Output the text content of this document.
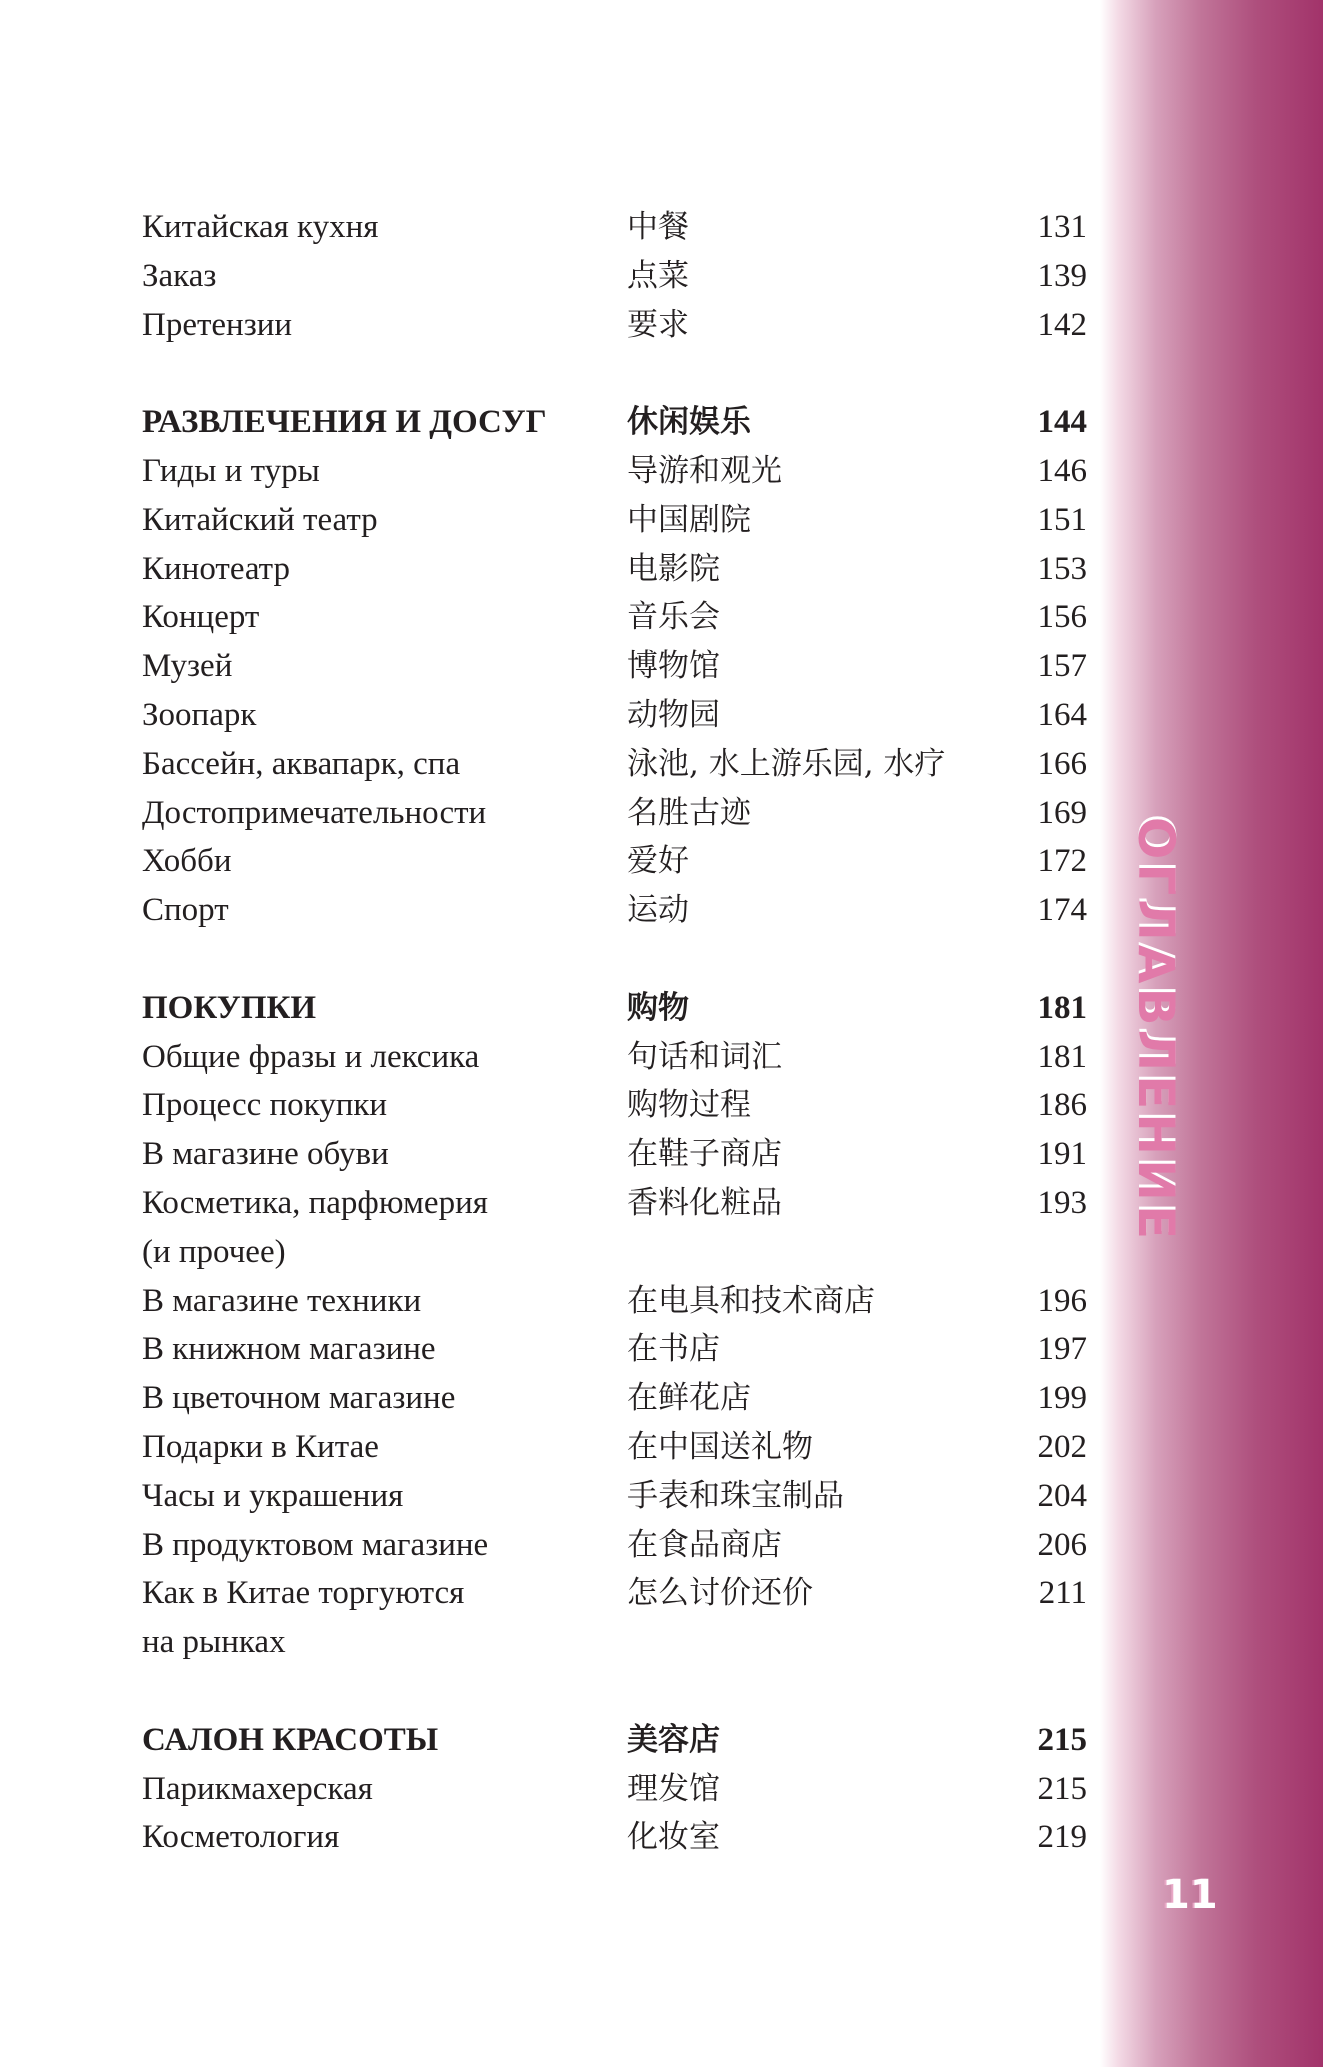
ОГЛАВЛЕНИЕ
11
Китайская кухня	中餐	131
Заказ	点菜	139
Претензии	要求	142
РАЗВЛЕЧЕНИЯ И ДОСУГ	休闲娱乐	144
Гиды и туры	导游和观光	146
Китайский театр	中国剧院	151
Кинотеатр	电影院	153
Концерт	音乐会	156
Музей	博物馆	157
Зоопарк	动物园	164
Бассейн, аквапарк, спа	泳池, 水上游乐园, 水疗	166
Достопримечательности	名胜古迹	169
Хобби	爱好	172
Спорт	运动	174
ПОКУПКИ	购物	181
Общие фразы и лексика	句话和词汇	181
Процесс покупки	购物过程	186
В магазине обуви	在鞋子商店	191
Косметика, парфюмерия	香料化粧品	193
(и прочее)
В магазине техники	在电具和技术商店	196
В книжном магазине	在书店	197
В цветочном магазине	在鲜花店	199
Подарки в Китае	在中国送礼物	202
Часы и украшения	手表和珠宝制品	204
В продуктовом магазине	在食品商店	206
Как в Китае торгуются	怎么讨价还价	211
на рынках
САЛОН КРАСОТЫ	美容店	215
Парикмахерская	理发馆	215
Косметология	化妆室	219
